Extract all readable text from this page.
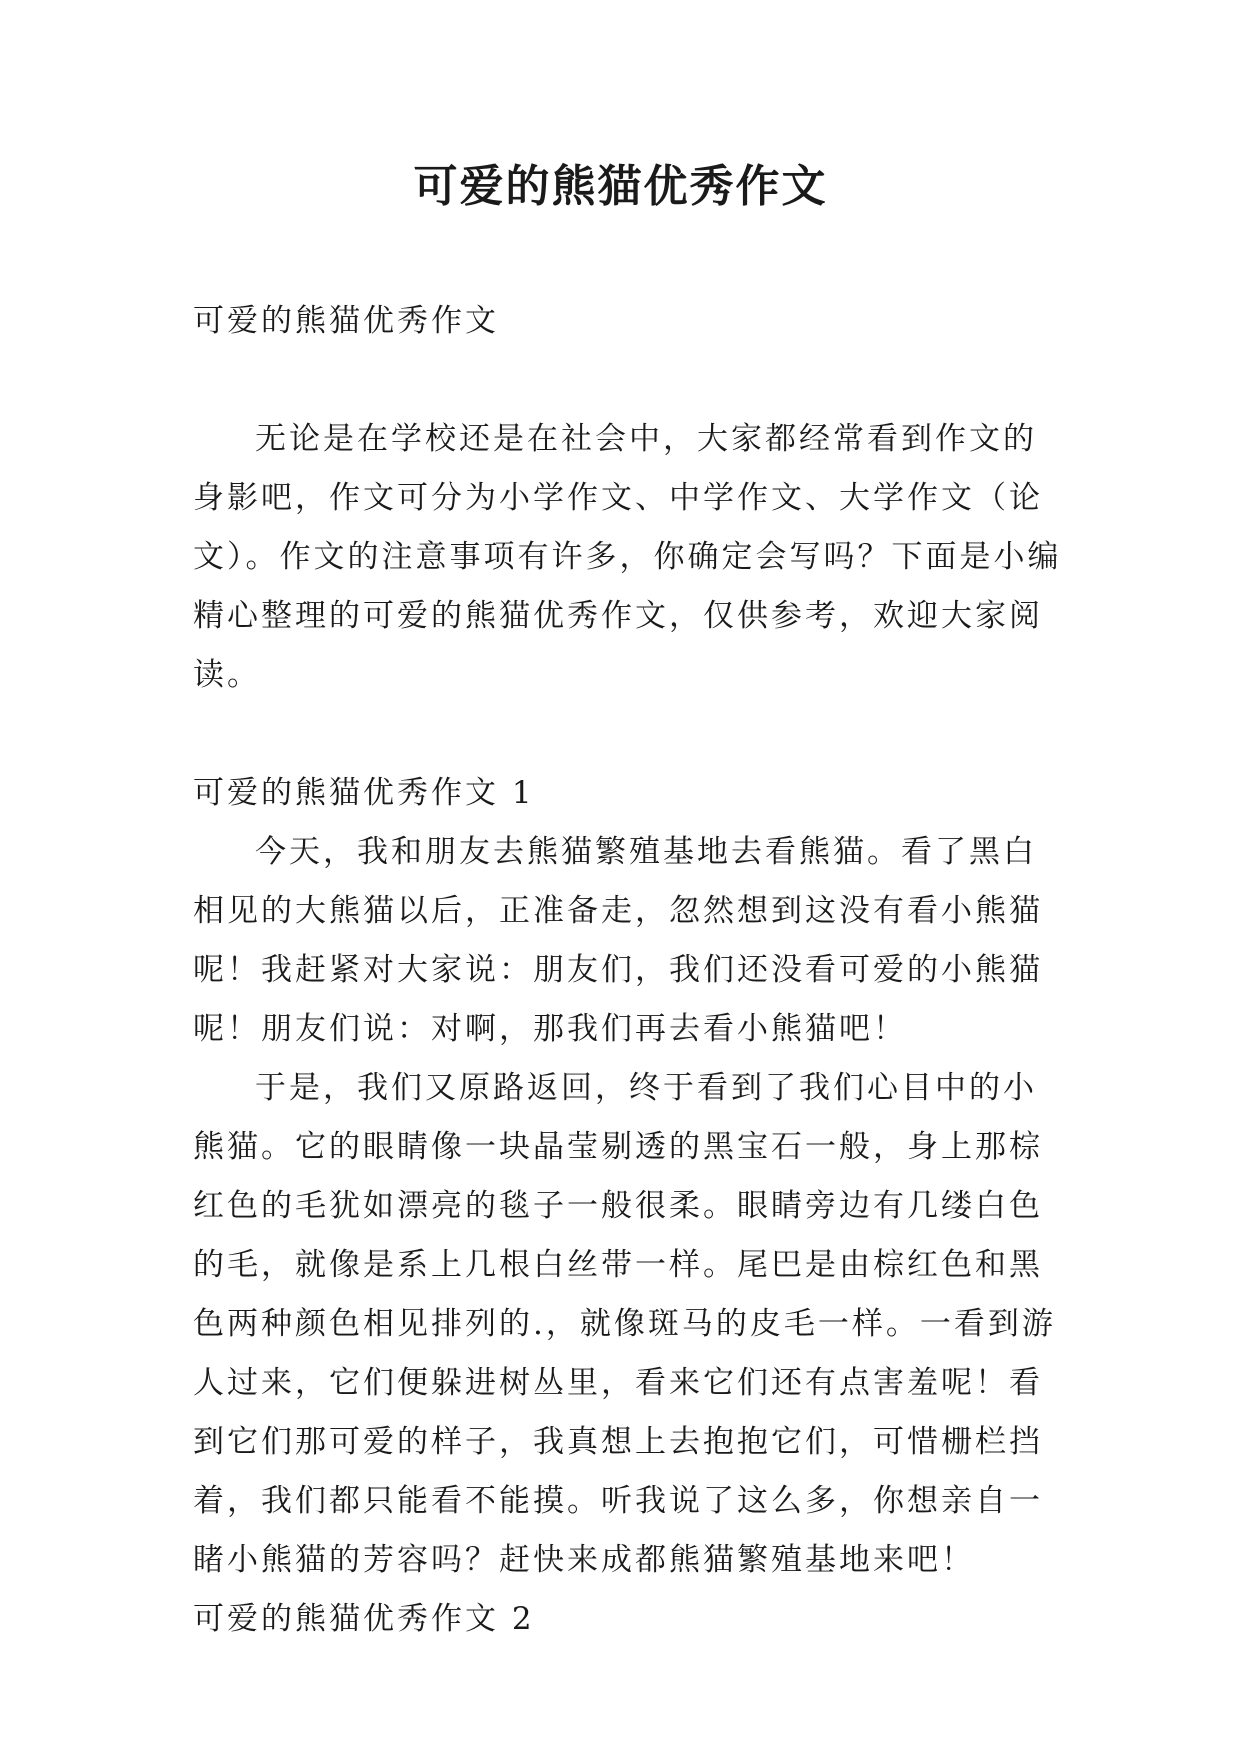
可爱的熊猫优秀作文

可爱的熊猫优秀作文

无论是在学校还是在社会中，大家都经常看到作文的身影吧，作文可分为小学作文、中学作文、大学作文（论文）。作文的注意事项有许多，你确定会写吗？下面是小编精心整理的可爱的熊猫优秀作文，仅供参考，欢迎大家阅读。

可爱的熊猫优秀作文 1

今天，我和朋友去熊猫繁殖基地去看熊猫。看了黑白相见的大熊猫以后，正准备走，忽然想到这没有看小熊猫呢！我赶紧对大家说：朋友们，我们还没看可爱的小熊猫呢！朋友们说：对啊，那我们再去看小熊猫吧！

于是，我们又原路返回，终于看到了我们心目中的小熊猫。它的眼睛像一块晶莹剔透的黑宝石一般，身上那棕红色的毛犹如漂亮的毯子一般很柔。眼睛旁边有几缕白色的毛，就像是系上几根白丝带一样。尾巴是由棕红色和黑色两种颜色相见排列的.，就像斑马的皮毛一样。一看到游人过来，它们便躲进树丛里，看来它们还有点害羞呢！看到它们那可爱的样子，我真想上去抱抱它们，可惜栅栏挡着，我们都只能看不能摸。听我说了这么多，你想亲自一睹小熊猫的芳容吗？赶快来成都熊猫繁殖基地来吧！

可爱的熊猫优秀作文 2
